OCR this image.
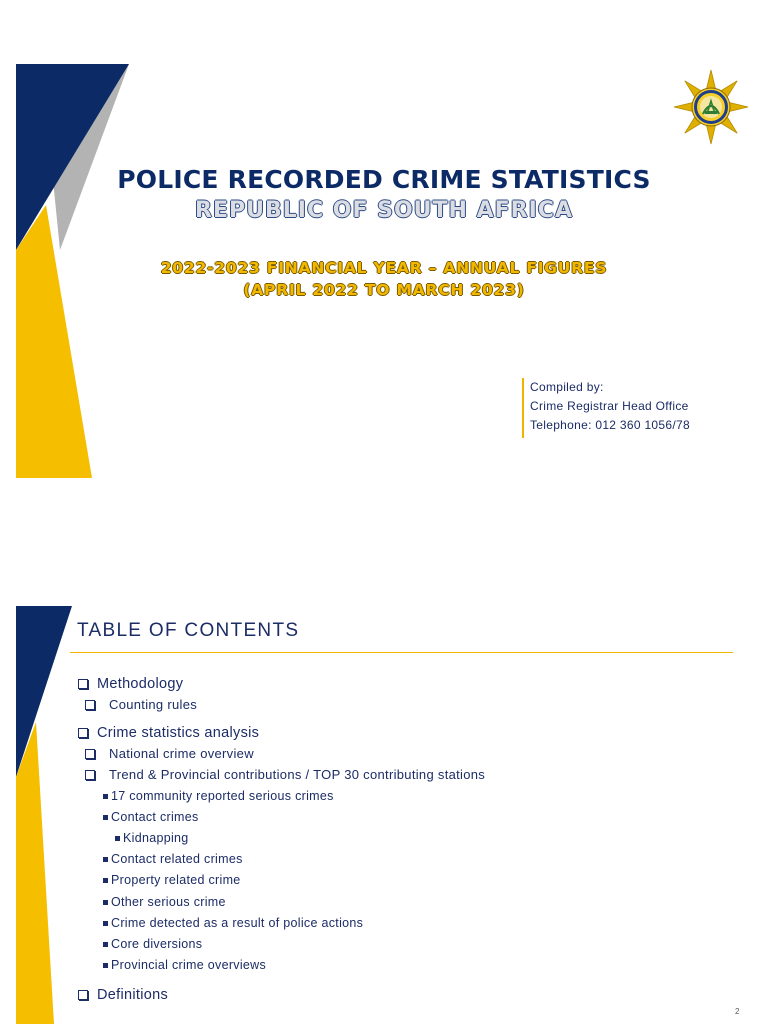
POLICE RECORDED CRIME STATISTICS
REPUBLIC OF SOUTH AFRICA

2022-2023 FINANCIAL YEAR – ANNUAL FIGURES

(APRIL 2022 TO MARCH 2023)

Compiled by:
Crime Registrar Head Office
Telephone: 012 360 1056/78
TABLE OF CONTENTS
Methodology
Counting rules
Crime statistics analysis
National crime overview
Trend & Provincial contributions / TOP 30 contributing stations
17 community reported serious crimes
Contact crimes
Kidnapping
Contact related crimes
Property related crime
Other serious crime
Crime detected as a result of police actions
Core diversions
Provincial crime overviews
Definitions
2
